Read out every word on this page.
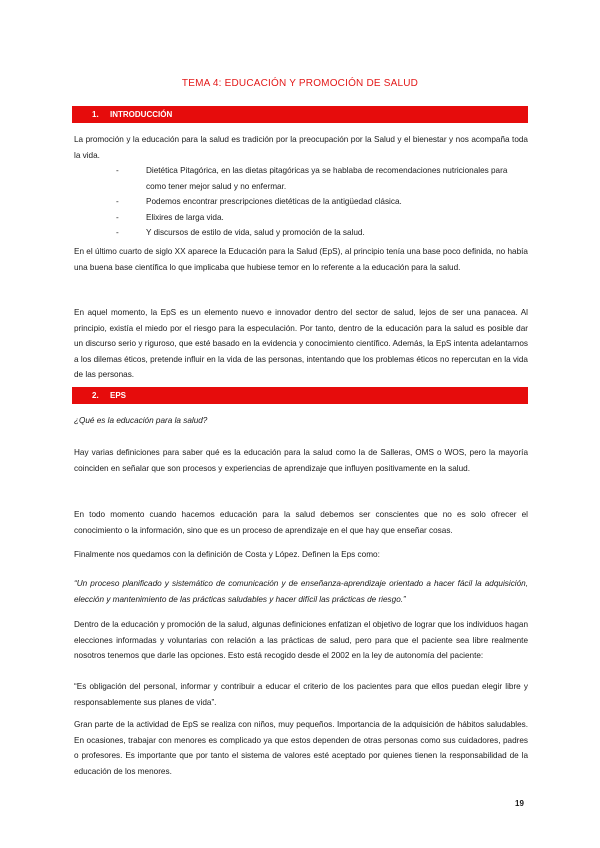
TEMA 4: EDUCACIÓN Y PROMOCIÓN DE SALUD
1.	INTRODUCCIÓN
La promoción y la educación para la salud es tradición por la preocupación por la Salud y el bienestar y nos acompaña toda la vida.
-	Dietética Pitagórica, en las dietas pitagóricas ya se hablaba de recomendaciones nutricionales para como tener mejor salud y no enfermar.
-	Podemos encontrar prescripciones dietéticas de la antigüedad clásica.
-	Elixires de larga vida.
-	Y discursos de estilo de vida, salud y promoción de la salud.
En el último cuarto de siglo XX aparece la Educación para la Salud (EpS), al principio tenía una base poco definida, no había una buena base científica lo que implicaba que hubiese temor en lo referente a la educación para la salud.
En aquel momento, la EpS es un elemento nuevo e innovador dentro del sector de salud, lejos de ser una panacea. Al principio, existía el miedo por el riesgo para la especulación. Por tanto, dentro de la educación para la salud es posible dar un discurso serio y riguroso, que esté basado en la evidencia y conocimiento científico. Además, la EpS intenta adelantarnos a los dilemas éticos, pretende influir en la vida de las personas, intentando que los problemas éticos no repercutan en la vida de las personas.
2.	EPS
¿Qué es la educación para la salud?
Hay varias definiciones para saber qué es la educación para la salud como la de Salleras, OMS o WOS, pero la mayoría coinciden en señalar que son procesos y experiencias de aprendizaje que influyen positivamente en la salud.
En todo momento cuando hacemos educación para la salud debemos ser conscientes que no es solo ofrecer el conocimiento o la información, sino que es un proceso de aprendizaje en el que hay que enseñar cosas.
Finalmente nos quedamos con la definición de Costa y López. Definen la Eps como:
“Un proceso planificado y sistemático de comunicación y de enseñanza-aprendizaje orientado a hacer fácil la adquisición, elección y mantenimiento de las prácticas saludables y hacer difícil las prácticas de riesgo.”
Dentro de la educación y promoción de la salud, algunas definiciones enfatizan el objetivo de lograr que los individuos hagan elecciones informadas y voluntarias con relación a las prácticas de salud, pero para que el paciente sea libre realmente nosotros tenemos que darle las opciones. Esto está recogido desde el 2002 en la ley de autonomía del paciente:
“Es obligación del personal, informar y contribuir a educar el criterio de los pacientes para que ellos puedan elegir libre y responsablemente sus planes de vida”.
Gran parte de la actividad de EpS se realiza con niños, muy pequeños. Importancia de la adquisición de hábitos saludables. En ocasiones, trabajar con menores es complicado ya que estos dependen de otras personas como sus cuidadores, padres o profesores. Es importante que por tanto el sistema de valores esté aceptado por quienes tienen la responsabilidad de la educación de los menores.
19
